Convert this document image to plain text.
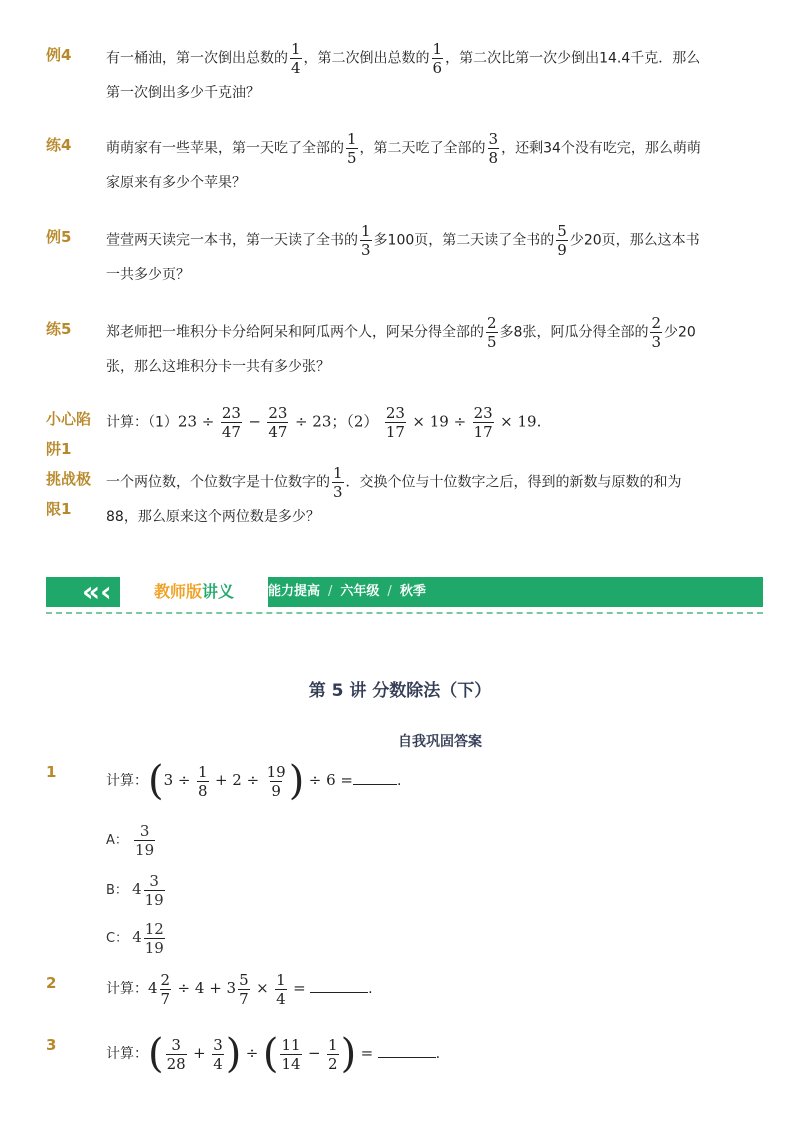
例4 有一桶油，第一次倒出总数的 $\frac{1}{4}$ ，第二次倒出总数的 $\frac{1}{6}$ ，第二次比第一次少倒出14.4千克．那么
第一次倒出多少千克油？
练4 萌萌家有一些苹果，第一天吃了全部的 $\frac{1}{5}$ ，第二天吃了全部的 $\frac{3}{8}$ ，还剩34个没有吃完，那么萌萌
家原来有多少个苹果？
例5 萱萱两天读完一本书，第一天读了全书的 $\frac{1}{3}$ 多100页，第二天读了全书的 $\frac{5}{9}$ 少20页，那么这本书
一共多少页？
练5 郑老师把一堆积分卡分给阿呆和阿瓜两个人，阿呆分得全部的 $\frac{2}{5}$ 多8张，阿瓜分得全部的 $\frac{2}{3}$ 少20
张，那么这堆积分卡一共有多少张？
小心陷
阱1
计算：$(1)23 \div \frac{23}{47} - \frac{23}{47} \div 23$；$(2) \frac{23}{17} \times 19 \div \frac{23}{17} \times 19$.
挑战极
限1
一个两位数，个位数字是十位数字的 $\frac{1}{3}$ ．交换个位与十位数字之后，得到的新数与原数的和为
88，那么原来这个两位数是多少？
«‹	教师版讲义
›» 能力提高 / 六年级 / 秋季
第 5 讲 分数除法（下）
自我巩固答案
1	计算：($3 \div \frac{1}{8} + 2 \div \frac{19}{9}$ ) ÷ 6 =	.
A： $\frac{3}{19}$
B： $4 \frac{3}{19}$
C： $4 \frac{12}{19}$
2	计算：$4 \frac{2}{7} \div 4 + 3 \frac{5}{7} \times \frac{1}{4}$ =	.
3	计算：( $\frac{3}{28} + \frac{3}{4}$ ) ÷ ( $\frac{11}{14} - \frac{1}{2}$ ) =	.
